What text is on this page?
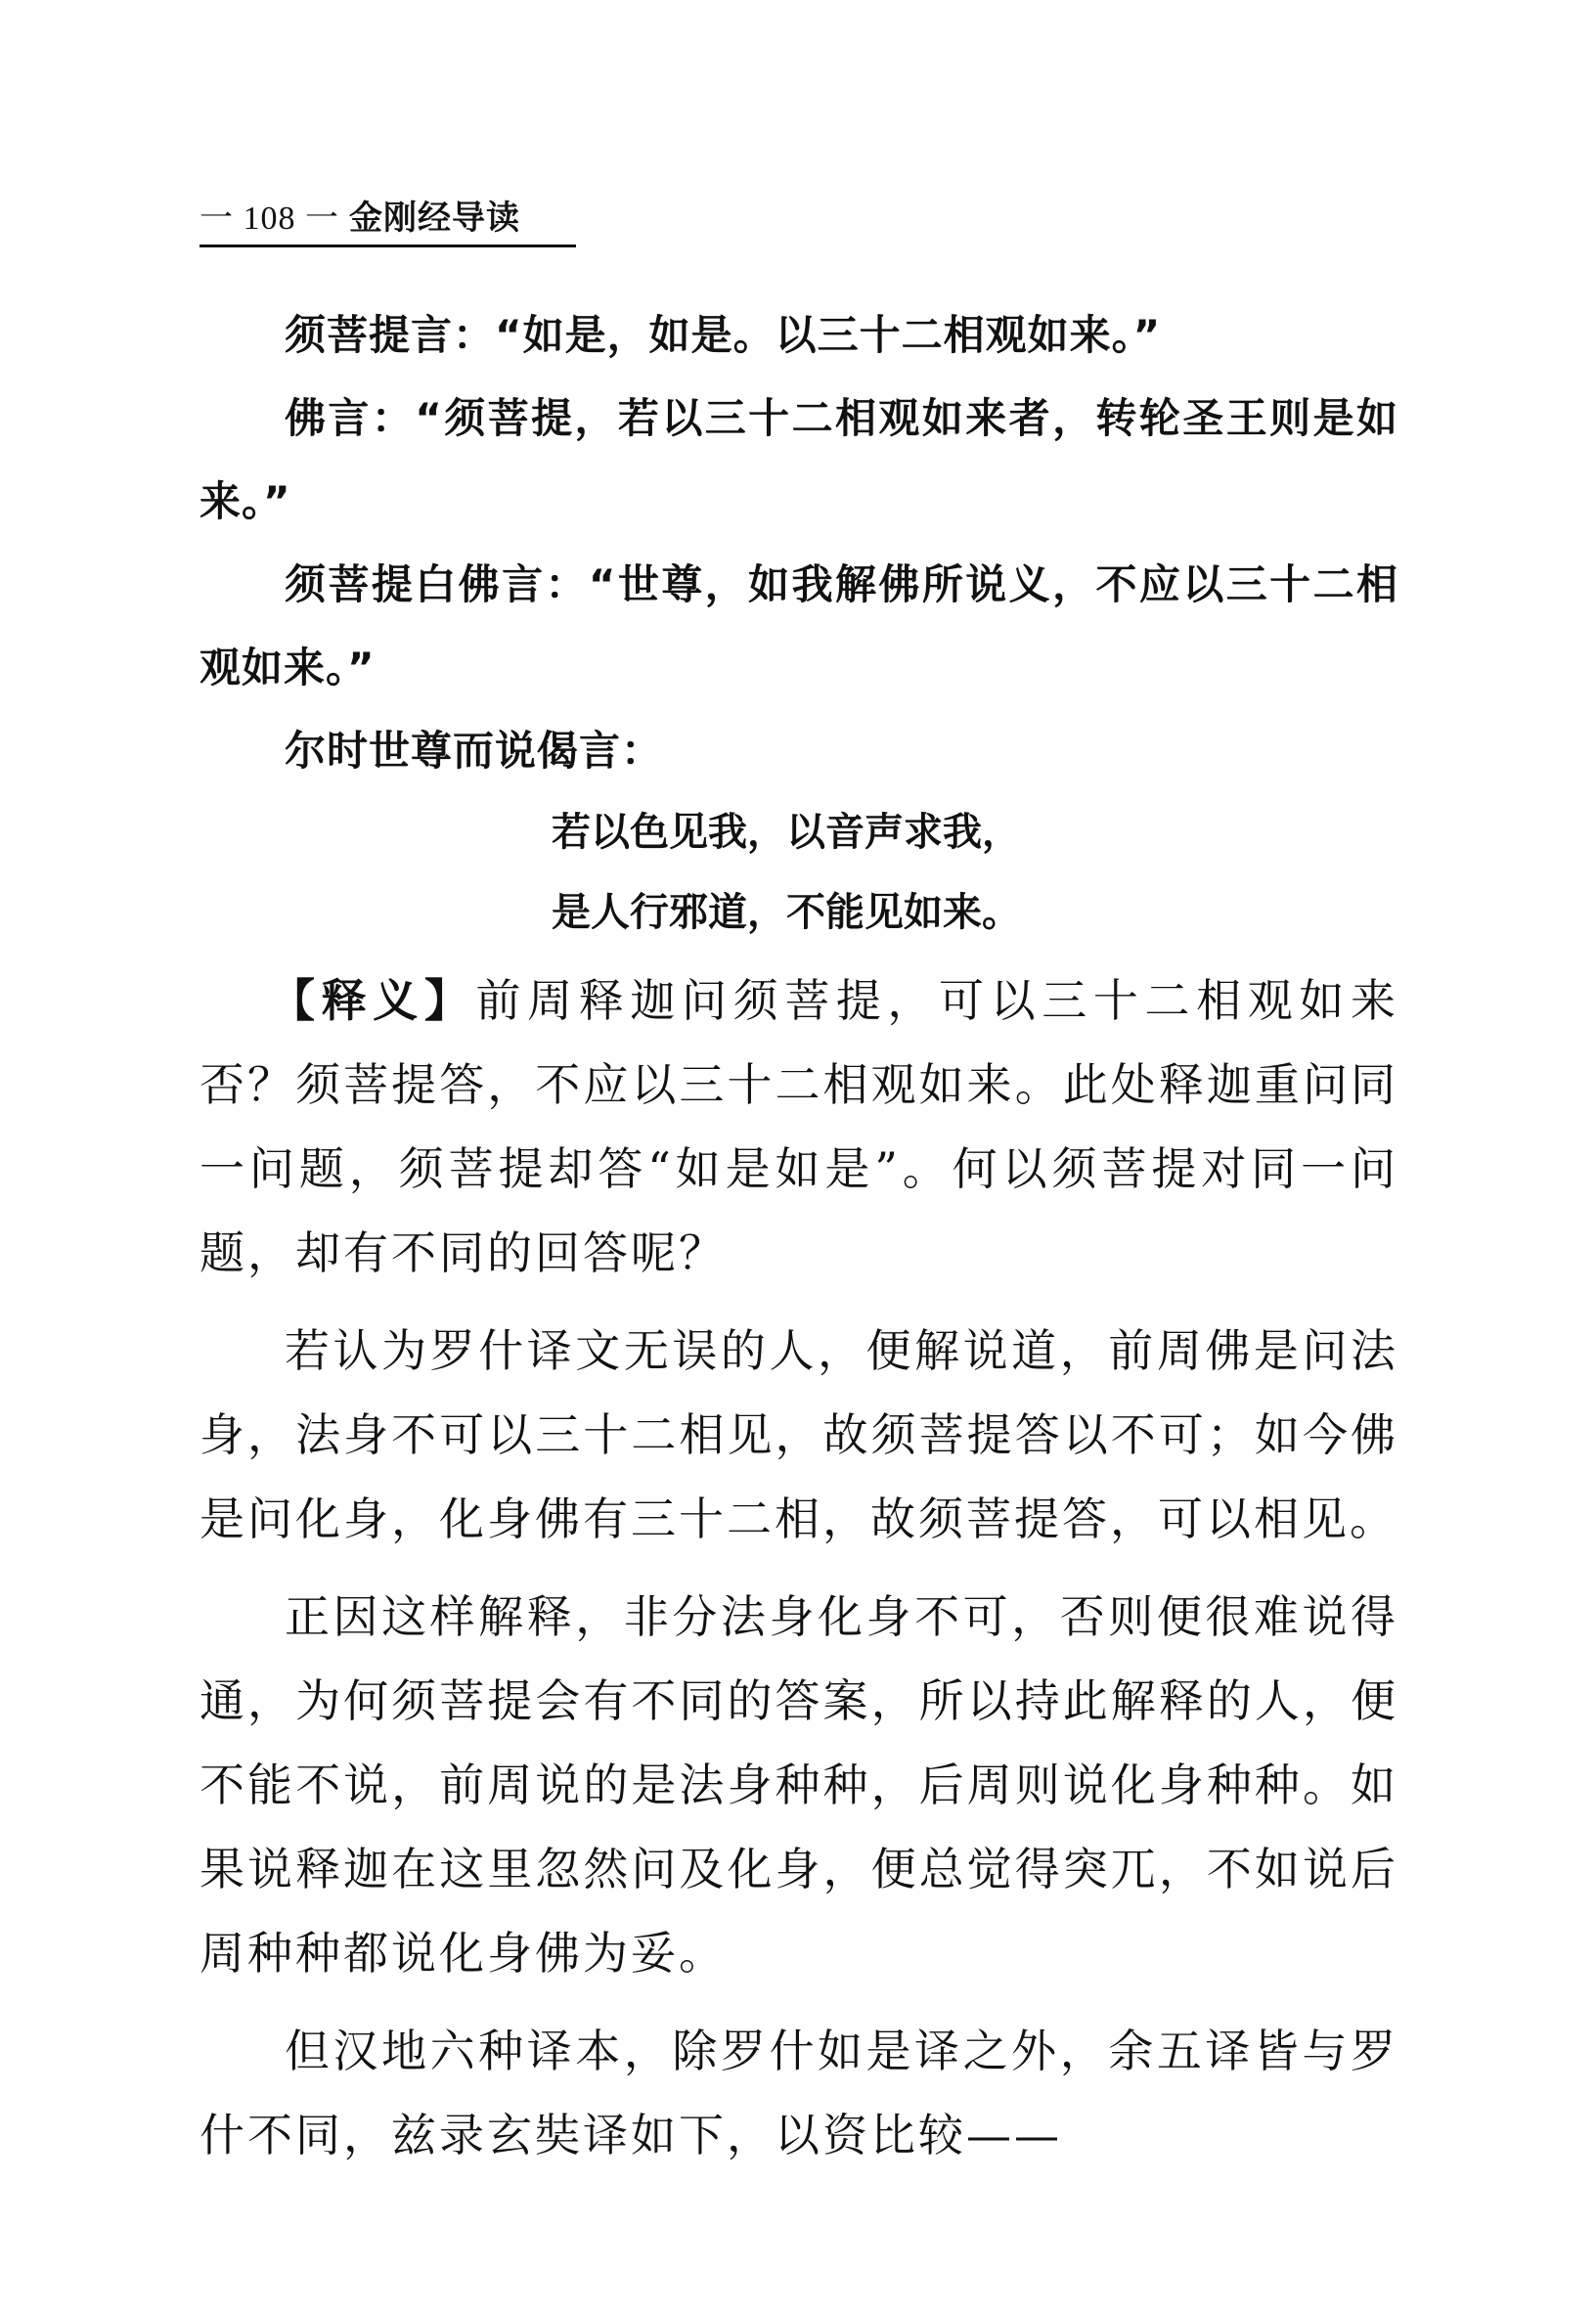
一 108 一 金刚经导读

须菩提言：“如是，如是。以三十二相观如来。”

佛言：“须菩提，若以三十二相观如来者，转轮圣王则是如来。”

须菩提白佛言：“世尊，如我解佛所说义，不应以三十二相观如来。”

尔时世尊而说偈言：

若以色见我，以音声求我，
是人行邪道，不能见如来。

【释义】前周释迦问须菩提，可以三十二相观如来否？须菩提答，不应以三十二相观如来。此处释迦重问同一问题，须菩提却答“如是如是”。何以须菩提对同一问题，却有不同的回答呢？

若认为罗什译文无误的人，便解说道，前周佛是问法身，法身不可以三十二相见，故须菩提答以不可；如今佛是问化身，化身佛有三十二相，故须菩提答，可以相见。

正因这样解释，非分法身化身不可，否则便很难说得通，为何须菩提会有不同的答案，所以持此解释的人，便不能不说，前周说的是法身种种，后周则说化身种种。如果说释迦在这里忽然问及化身，便总觉得突兀，不如说后周种种都说化身佛为妥。

但汉地六种译本，除罗什如是译之外，余五译皆与罗什不同，兹录玄奘译如下，以资比较——
